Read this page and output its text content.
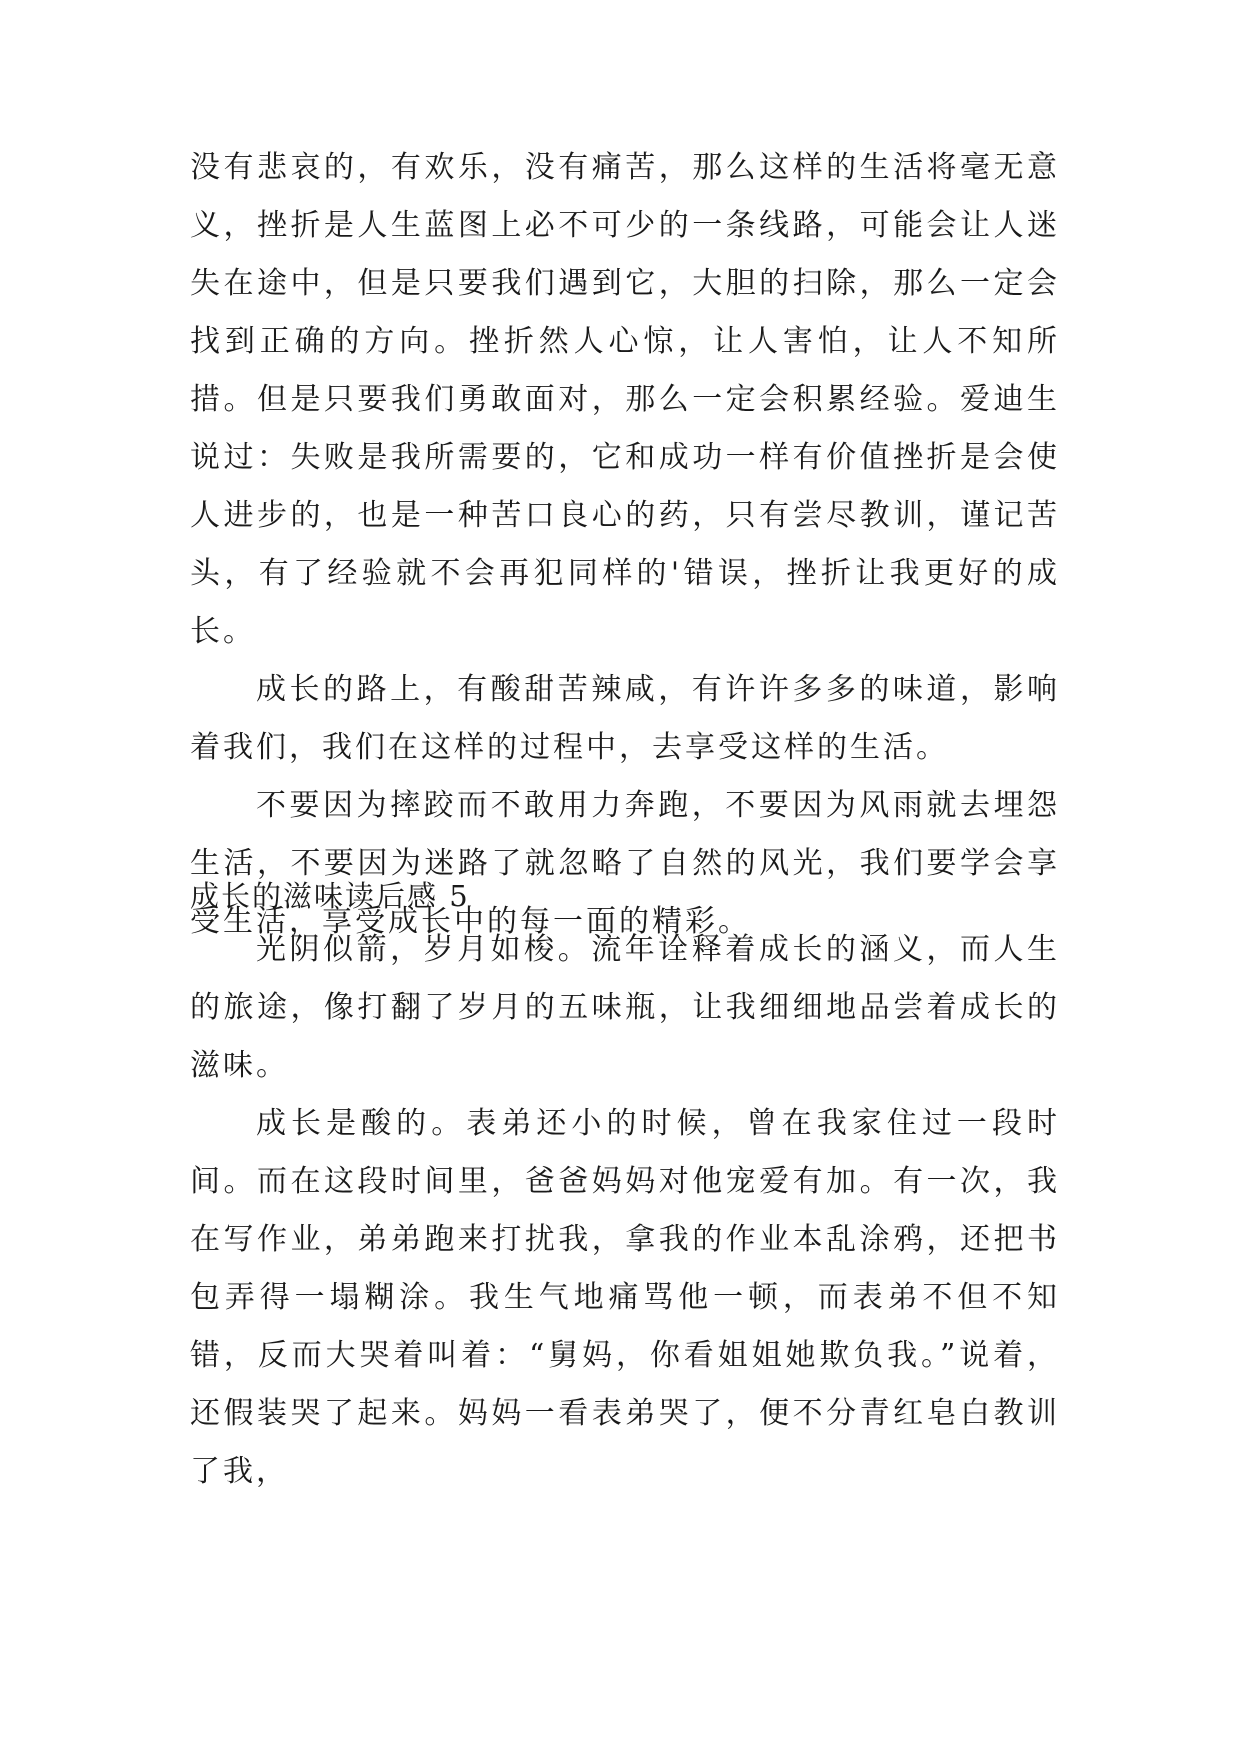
没有悲哀的，有欢乐，没有痛苦，那么这样的生活将毫无意义，挫折是人生蓝图上必不可少的一条线路，可能会让人迷失在途中，但是只要我们遇到它，大胆的扫除，那么一定会找到正确的方向。挫折然人心惊，让人害怕，让人不知所措。但是只要我们勇敢面对，那么一定会积累经验。爱迪生说过：失败是我所需要的，它和成功一样有价值挫折是会使人进步的，也是一种苦口良心的药，只有尝尽教训，谨记苦头，有了经验就不会再犯同样的'错误，挫折让我更好的成长。

成长的路上，有酸甜苦辣咸，有许许多多的味道，影响着我们，我们在这样的过程中，去享受这样的生活。

不要因为摔跤而不敢用力奔跑，不要因为风雨就去埋怨生活，不要因为迷路了就忽略了自然的风光，我们要学会享受生活，享受成长中的每一面的精彩。

成长的滋味读后感 5

光阴似箭，岁月如梭。流年诠释着成长的涵义，而人生的旅途，像打翻了岁月的五味瓶，让我细细地品尝着成长的滋味。

成长是酸的。表弟还小的时候，曾在我家住过一段时间。而在这段时间里，爸爸妈妈对他宠爱有加。有一次，我在写作业，弟弟跑来打扰我，拿我的作业本乱涂鸦，还把书包弄得一塌糊涂。我生气地痛骂他一顿，而表弟不但不知错，反而大哭着叫着：“舅妈，你看姐姐她欺负我。”说着，还假装哭了起来。妈妈一看表弟哭了，便不分青红皂白教训了我，
